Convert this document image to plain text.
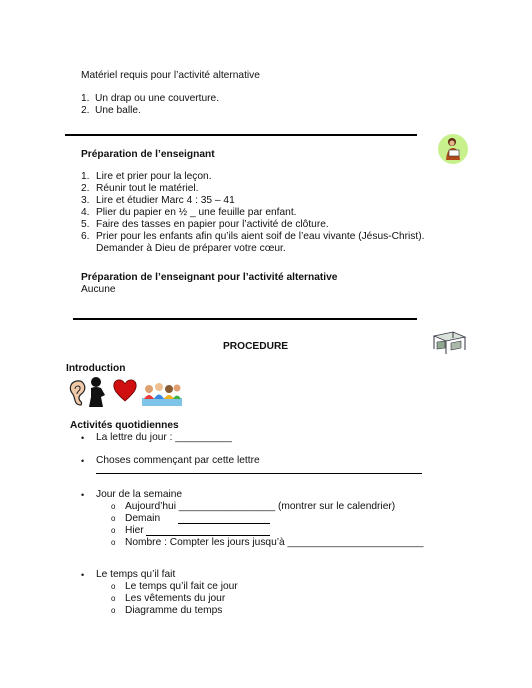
Matériel requis pour l’activité alternative
1. Un drap ou une couverture.
2. Une balle.
Préparation de l’enseignant
1. Lire et prier pour la leçon.
2. Réunir tout le matériel.
3. Lire et étudier Marc 4 : 35 – 41
4. Plier du papier en ½ _ une feuille par enfant.
5. Faire des tasses en papier pour l’activité de clôture.
6. Prier pour les enfants afin qu’ils aient soif de l’eau vivante (Jésus-Christ).
Demander à Dieu de préparer votre cœur.
Préparation de l’enseignant pour l’activité alternative
Aucune
PROCEDURE
Introduction
Activités quotidiennes
• La lettre du jour : __________
• Choses commençant par cette lettre
• Jour de la semaine
o Aujourd’hui _________________ (montrer sur le calendrier)
o Demain
o Hier
o Nombre : Compter les jours jusqu’à ________________________
• Le temps qu’il fait
o Le temps qu’il fait ce jour
o Les vêtements du jour
o Diagramme du temps
